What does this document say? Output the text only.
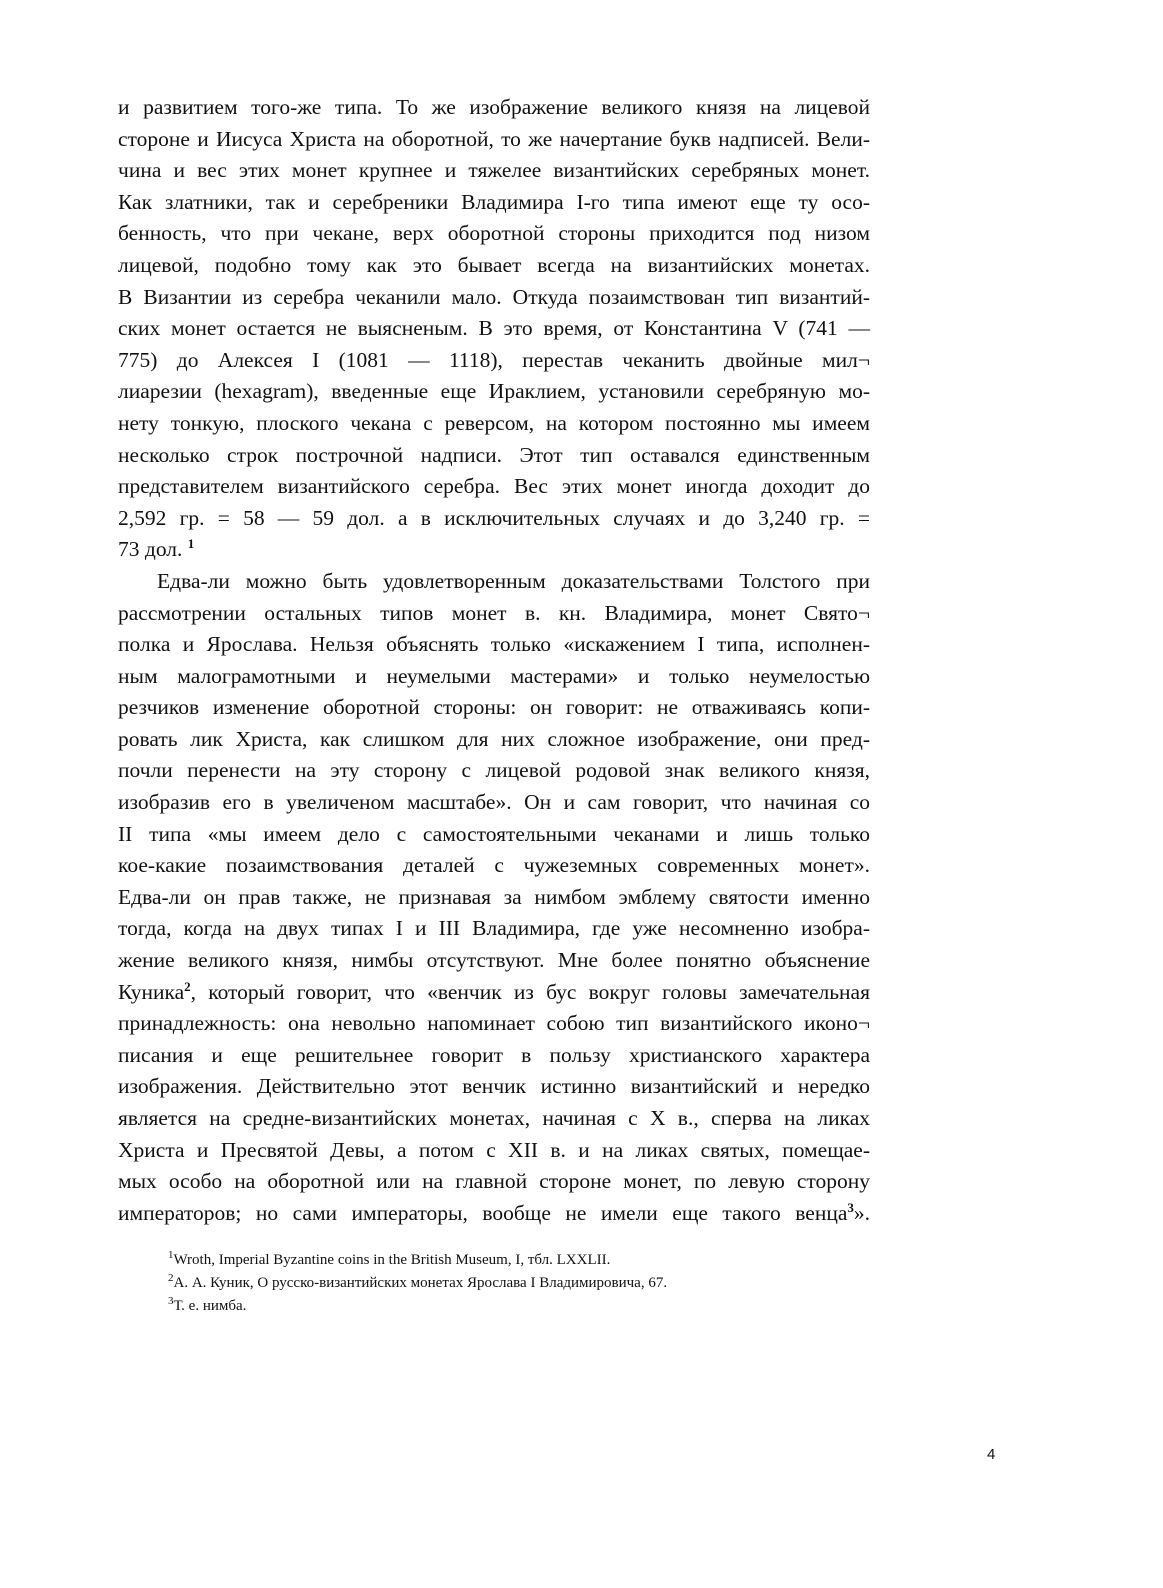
и развитием того-же типа. То же изображение великого князя на лицевой
стороне и Иисуса Христа на оборотной, то же начертание букв надписей. Вели-
чина и вес этих монет крупнее и тяжелее византийских серебряных монет.
Как златники, так и серебреники Владимира I-го типа имеют еще ту осо-
бенность, что при чекане, верх оборотной стороны приходится под низом
лицевой, подобно тому как это бывает всегда на византийских монетах.
В Византии из серебра чеканили мало. Откуда позаимствован тип византий-
ских монет остается не выясненым. В это время, от Константина V (741 —
775) до Алексея I (1081 — 1118), перестав чеканить двойные мил¬
лиарезии (hexagram), введенные еще Ираклием, установили серебряную мо-
нету тонкую, плоского чекана с реверсом, на котором постоянно мы имеем
несколько строк построчной надписи. Этот тип оставался единственным
представителем византийского серебра. Вес этих монет иногда доходит до
2,592 гр. = 58 — 59 дол. а в исключительных случаях и до 3,240 гр. =
73 дол. $^1$
Едва-ли можно быть удовлетворенным доказательствами Толстого при
рассмотрении остальных типов монет в. кн. Владимира, монет Свято¬
полка и Ярослава. Нельзя объяснять только «искажением I типа, исполнен-
ным малограмотными и неумелыми мастерами» и только неумелостью
резчиков изменение оборотной стороны: он говорит: не отваживаясь копи-
ровать лик Христа, как слишком для них сложное изображение, они пред-
почли перенести на эту сторону с лицевой родовой знак великого князя,
изобразив его в увеличеном масштабе». Он и сам говорит, что начиная со
II типа «мы имеем дело с самостоятельными чеканами и лишь только
кое-какие позаимствования деталей с чужеземных современных монет».
Едва-ли он прав также, не признавая за нимбом эмблему святости именно
тогда, когда на двух типах I и III Владимира, где уже несомненно изобра-
жение великого князя, нимбы отсутствуют. Мне более понятно объяснение
Куника$^2$, который говорит, что «венчик из бус вокруг головы замечательная
принадлежность: она невольно напоминает собою тип византийского иконо¬
писания и еще решительнее говорит в пользу христианского характера
изображения. Действительно этот венчик истинно византийский и нередко
является на средне-византийских монетах, начиная с X в., сперва на ликах
Христа и Пресвятой Девы, а потом с XII в. и на ликах святых, помещае-
мых особо на оборотной или на главной стороне монет, по левую сторону
императоров; но сами императоры, вообще не имели еще такого венца$^3$».
$^1$Wroth, Imperial Byzantine coins in the British Museum, I, тбл. LXXLII.
$^2$А. А. Куник, О русско-византийских монетах Ярослава I Владимировича, 67.
$^3$Т. е. нимба.
4
